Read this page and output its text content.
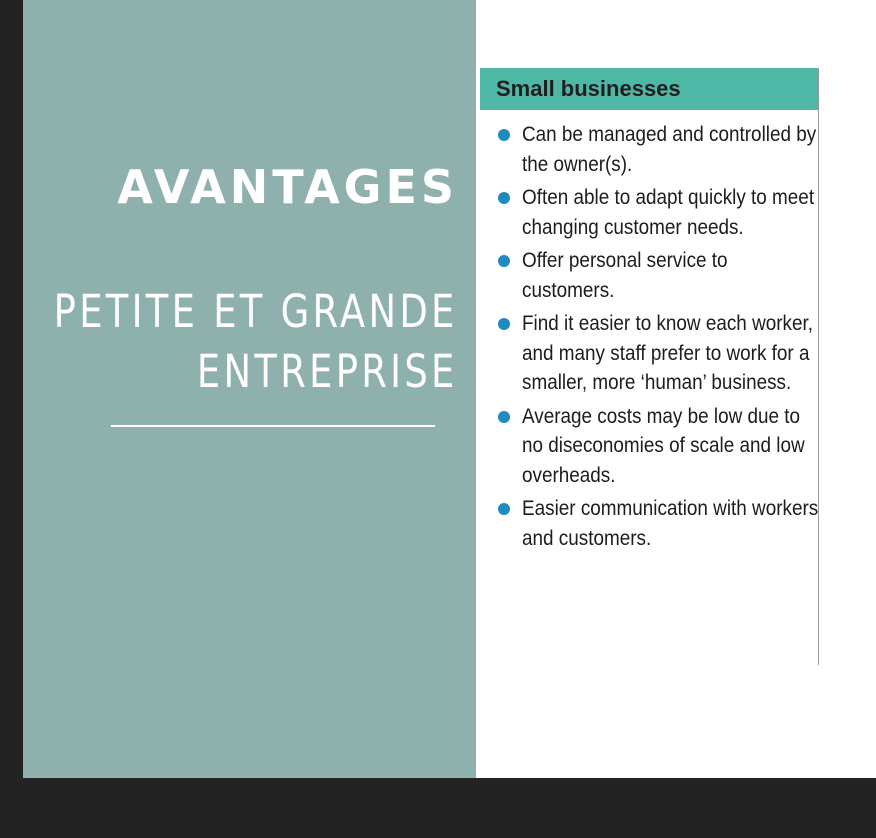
AVANTAGES
PETITE ET GRANDE
ENTREPRISE
Small businesses
Can be managed and controlled by the owner(s).
Often able to adapt quickly to meet changing customer needs.
Offer personal service to customers.
Find it easier to know each worker, and many staff prefer to work for a smaller, more ‘human’ business.
Average costs may be low due to no diseconomies of scale and low overheads.
Easier communication with workers and customers.
